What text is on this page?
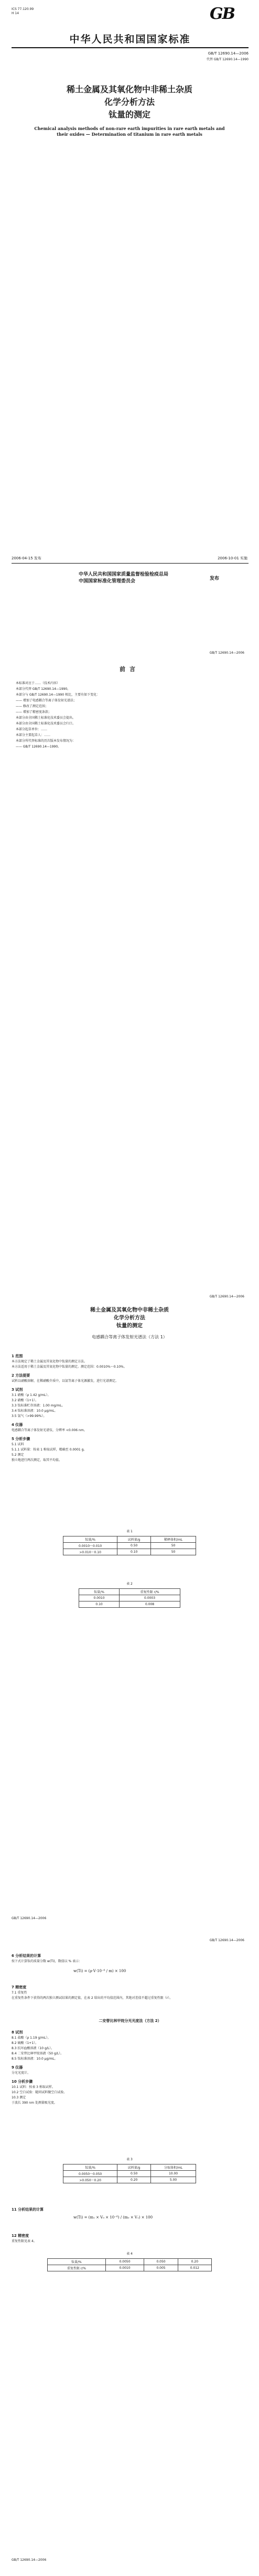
ICS 77.120.99
H 14	GB
中华人民共和国国家标准
GB/T 12690.14—2006
代替 GB/T 12690.14—1990
稀土金属及其氧化物中非稀土杂质
化学分析方法
钛量的测定
Chemical analysis methods of non-rare earth impurities in rare earth metals and their oxides — Determination of titanium in rare earth metals
2006-04-15 发布	2006-10-01 实施
中华人民共和国国家质量监督检验检疫总局
中国国家标准化管理委员会	发布
GB/T 12690.14—2006
前言
本标准对应于……（技术内容）
本部分代替 GB/T 12690.14—1990。
本部分与 GB/T 12690.14—1990 相比，主要有如下变化：
—— 增加了电感耦合等离子体发射光谱法；
—— 修改了测定范围；
—— 增加了精密度条款；
本部分由全国稀土标准化技术委员会提出。
本部分由全国稀土标准化技术委员会归口。
本部分起草单位：……
本部分主要起草人：……
本部分所代替标准的历次版本发布情况为：
—— GB/T 12690.14—1990。
GB/T 12690.14—2006
稀土金属及其氧化物中非稀土杂质
化学分析方法
钛量的测定
电感耦合等离子体发射光谱法（方法 1）
1 范围
本方法规定了稀土金属及其氧化物中钛量的测定方法。
本方法适用于稀土金属及其氧化物中钛量的测定。测定范围：0.0010%～0.10%。
2 方法提要
试料以硝酸溶解，在稀硝酸介质中，以氩等离子体光源激发，进行光谱测定。
3 试剂
3.1 硝酸（ρ 1.42 g/mL）。
3.2 硝酸（1+1）。
3.3 钛标准贮存溶液：1.00 mg/mL。
3.4 钛标准溶液：10.0 μg/mL。
3.5 氩气（>99.99%）。
4 仪器
电感耦合等离子体发射光谱仪，分辨率 <0.006 nm。
5 分析步骤
5.1 试料
5.1.1 试料量：按表 1 称取试样，精确至 0.0001 g。
5.2 测定
独立地进行两次测定，取其平均值。
表 1
钛量/%	试料量/g	稀释体积/mL
0.0010～0.010	0.50	50
>0.010～0.10	0.10	50
表 2
钛量/%	重复性限 r/%
0.0010	0.0003
0.10	0.008
GB/T 12690.14—2006
GB/T 12690.14—2006
6 分析结果的计算
按下式计算钛的质量分数 w(Ti)，数值以 % 表示：
w(Ti) = (ρ·V·10⁻⁶ / m) × 100
7 精密度
7.1 重复性
在重复性条件下获得的两次独立测试结果的测定值，在表 2 给出的平均值范围内，其绝对差值不超过重复性限（r）。
二安替比林甲烷分光光度法（方法 2）
8 试剂
8.1 盐酸（ρ 1.19 g/mL）。
8.2 硫酸（1+1）。
8.3 抗坏血酸溶液（10 g/L）。
8.4 二安替比林甲烷溶液（50 g/L）。
8.5 钛标准溶液：10.0 μg/mL。
9 仪器
分光光度计。
10 分析步骤
10.1 试料：按表 3 称取试样。
10.2 空白试验：随同试料做空白试验。
10.3 测定
于波长 390 nm 处测量吸光度。
表 3
钛量/%	试料量/g	分取体积/mL
0.0050～0.050	0.50	10.00
>0.050～0.20	0.20	5.00
11 分析结果的计算
w(Ti) = (m₁ × V₀ × 10⁻⁶) / (m₀ × V₁) × 100
12 精密度
重复性限见表 4。
表 4
钛量/%	0.0050	0.050	0.20
重复性限 r/%	0.0010	0.005	0.012
GB/T 12690.14—2006
